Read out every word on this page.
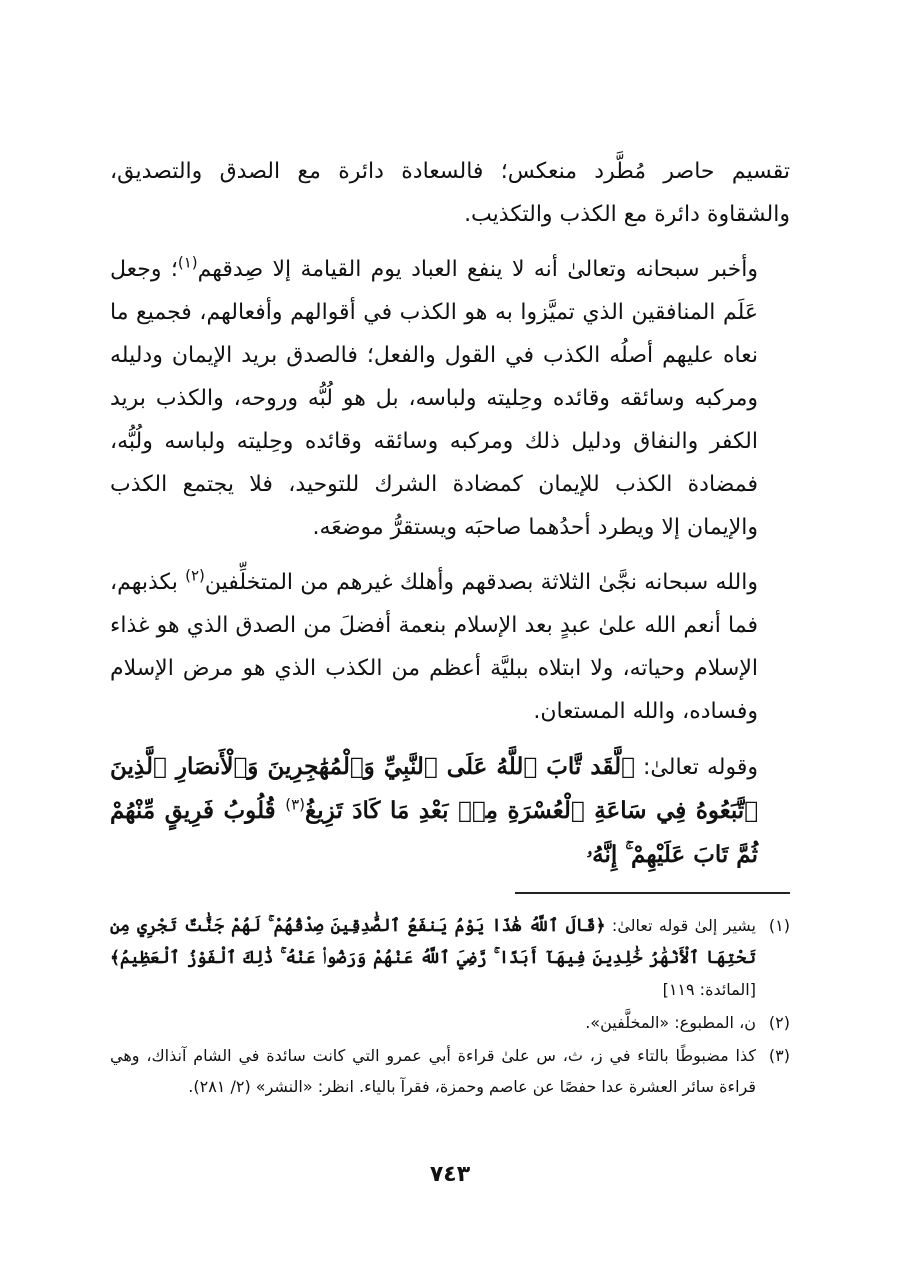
تقسيم حاصر مُطَّرد منعكس؛ فالسعادة دائرة مع الصدق والتصديق، والشقاوة دائرة مع الكذب والتكذيب.

وأخبر سبحانه وتعالىٰ أنه لا ينفع العباد يوم القيامة إلا صِدقهم$^{(١)}$؛ وجعل عَلَم المنافقين الذي تميَّزوا به هو الكذب في أقوالهم وأفعالهم، فجميع ما نعاه عليهم أصلُه الكذب في القول والفعل؛ فالصدق بريد الإيمان ودليله ومركبه وسائقه وقائده وحِليته ولباسه، بل هو لُبُّه وروحه، والكذب بريد الكفر والنفاق ودليل ذلك ومركبه وسائقه وقائده وحِليته ولباسه ولُبُّه، فمضادة الكذب للإيمان كمضادة الشرك للتوحيد، فلا يجتمع الكذب والإيمان إلا ويطرد أحدُهما صاحبَه ويستقرُّ موضعَه.

والله سبحانه نجَّىٰ الثلاثة بصدقهم وأهلك غيرهم من المتخلِّفين$^{(٢)}$ بكذبهم، فما أنعم الله علىٰ عبدٍ بعد الإسلام بنعمة أفضلَ من الصدق الذي هو غذاء الإسلام وحياته، ولا ابتلاه ببليَّة أعظم من الكذب الذي هو مرض الإسلام وفساده، والله المستعان.

وقوله تعالىٰ: ﴿لَّقَد تَّابَ ٱللَّهُ عَلَى ٱلنَّبِيِّ وَٱلْمُهَٰجِرِينَ وَٱلْأَنصَارِ ٱلَّذِينَ ٱتَّبَعُوهُ فِي سَاعَةِ ٱلْعُسْرَةِ مِنۢ بَعْدِ مَا كَادَ تَزِيغُ$^{(٣)}$ قُلُوبُ فَرِيقٍ مِّنْهُمْ ثُمَّ تَابَ عَلَيْهِمْ ۚ إِنَّهُۥ

(١)
يشير إلىٰ قوله تعالىٰ: ﴿قَالَ ٱللَّهُ هَٰذَا يَوْمُ يَنفَعُ ٱلصَّٰدِقِينَ صِدْقُهُمْ ۚ لَهُمْ جَنَّٰتٌ تَجْرِي مِن تَحْتِهَا ٱلْأَنْهَٰرُ خَٰلِدِينَ فِيهَآ أَبَدًا ۚ رَّضِيَ ٱللَّهُ عَنْهُمْ وَرَضُوا۟ عَنْهُ ۚ ذَٰلِكَ ٱلْفَوْزُ ٱلْعَظِيمُ﴾ [المائدة: ١١٩]
(٢)
ن، المطبوع: «المخلَّفين».
(٣)
كذا مضبوطًا بالتاء في ز، ث، س علىٰ قراءة أبي عمرو التي كانت سائدة في الشام آنذاك، وهي قراءة سائر العشرة عدا حفصًا عن عاصم وحمزة، فقرآ بالياء. انظر: «النشر» (٢/ ٢٨١).
٧٤٣
